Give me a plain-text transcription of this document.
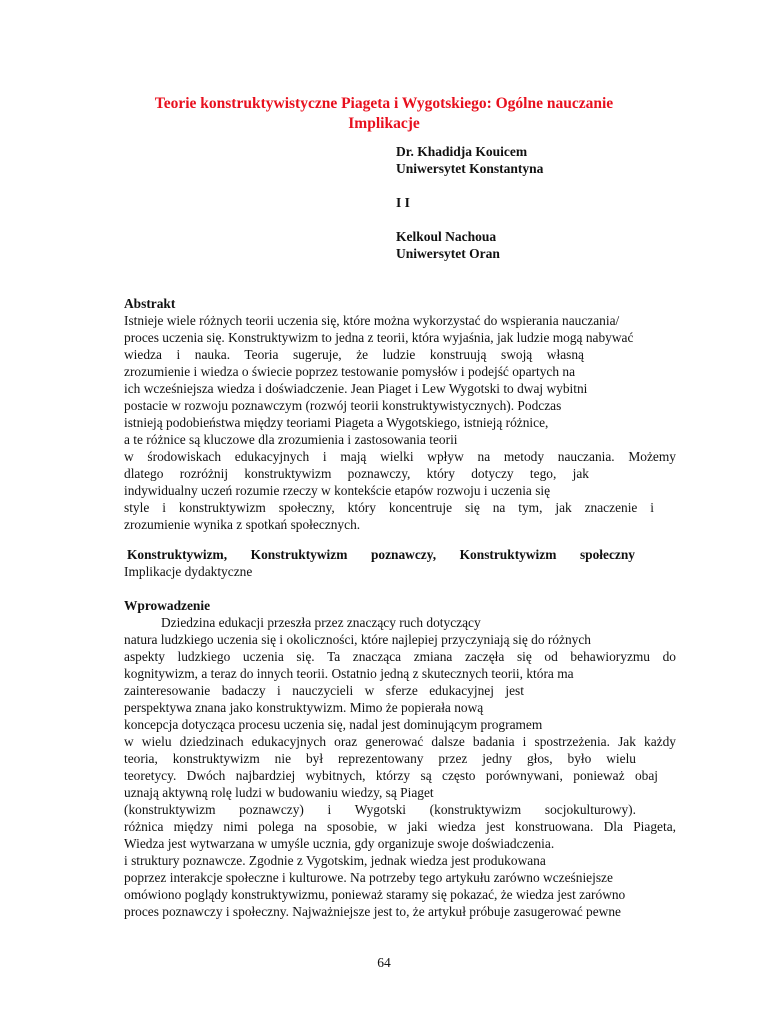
Teorie konstruktywistyczne Piageta i Wygotskiego: Ogólne nauczanie
Implikacje
Dr. Khadidja Kouicem
Uniwersytet Konstantyna
I I
Kelkoul Nachoua
Uniwersytet Oran
Abstrakt
Istnieje wiele różnych teorii uczenia się, które można wykorzystać do wspierania nauczania/
proces uczenia się. Konstruktywizm to jedna z teorii, która wyjaśnia, jak ludzie mogą nabywać
wiedza i nauka. Teoria sugeruje, że ludzie konstruują swoją własną
zrozumienie i wiedza o świecie poprzez testowanie pomysłów i podejść opartych na
ich wcześniejsza wiedza i doświadczenie. Jean Piaget i Lew Wygotski to dwaj wybitni
postacie w rozwoju poznawczym (rozwój teorii konstruktywistycznych). Podczas
istnieją podobieństwa między teoriami Piageta a Wygotskiego, istnieją różnice,
a te różnice są kluczowe dla zrozumienia i zastosowania teorii
w środowiskach edukacyjnych i mają wielki wpływ na metody nauczania. Możemy
dlatego rozróżnij konstruktywizm poznawczy, który dotyczy tego, jak
indywidualny uczeń rozumie rzeczy w kontekście etapów rozwoju i uczenia się
style i konstruktywizm społeczny, który koncentruje się na tym, jak znaczenie i
zrozumienie wynika z spotkań społecznych.
Konstruktywizm, Konstruktywizm poznawczy, Konstruktywizm społeczny
Implikacje dydaktyczne
Wprowadzenie
Dziedzina edukacji przeszła przez znaczący ruch dotyczący
natura ludzkiego uczenia się i okoliczności, które najlepiej przyczyniają się do różnych
aspekty ludzkiego uczenia się. Ta znacząca zmiana zaczęła się od behawioryzmu do
kognitywizm, a teraz do innych teorii. Ostatnio jedną z skutecznych teorii, która ma
zainteresowanie badaczy i nauczycieli w sferze edukacyjnej jest
perspektywa znana jako konstruktywizm. Mimo że popierała nową
koncepcja dotycząca procesu uczenia się, nadal jest dominującym programem
w wielu dziedzinach edukacyjnych oraz generować dalsze badania i spostrzeżenia. Jak każdy
teoria, konstruktywizm nie był reprezentowany przez jedny głos, było wielu
teoretycy. Dwóch najbardziej wybitnych, którzy są często porównywani, ponieważ obaj
uznają aktywną rolę ludzi w budowaniu wiedzy, są Piaget
(konstruktywizm poznawczy) i Wygotski (konstruktywizm socjokulturowy).
różnica między nimi polega na sposobie, w jaki wiedza jest konstruowana. Dla Piageta,
Wiedza jest wytwarzana w umyśle ucznia, gdy organizuje swoje doświadczenia.
i struktury poznawcze. Zgodnie z Vygotskim, jednak wiedza jest produkowana
poprzez interakcje społeczne i kulturowe. Na potrzeby tego artykułu zarówno wcześniejsze
omówiono poglądy konstruktywizmu, ponieważ staramy się pokazać, że wiedza jest zarówno
proces poznawczy i społeczny. Najważniejsze jest to, że artykuł próbuje zasugerować pewne
64
